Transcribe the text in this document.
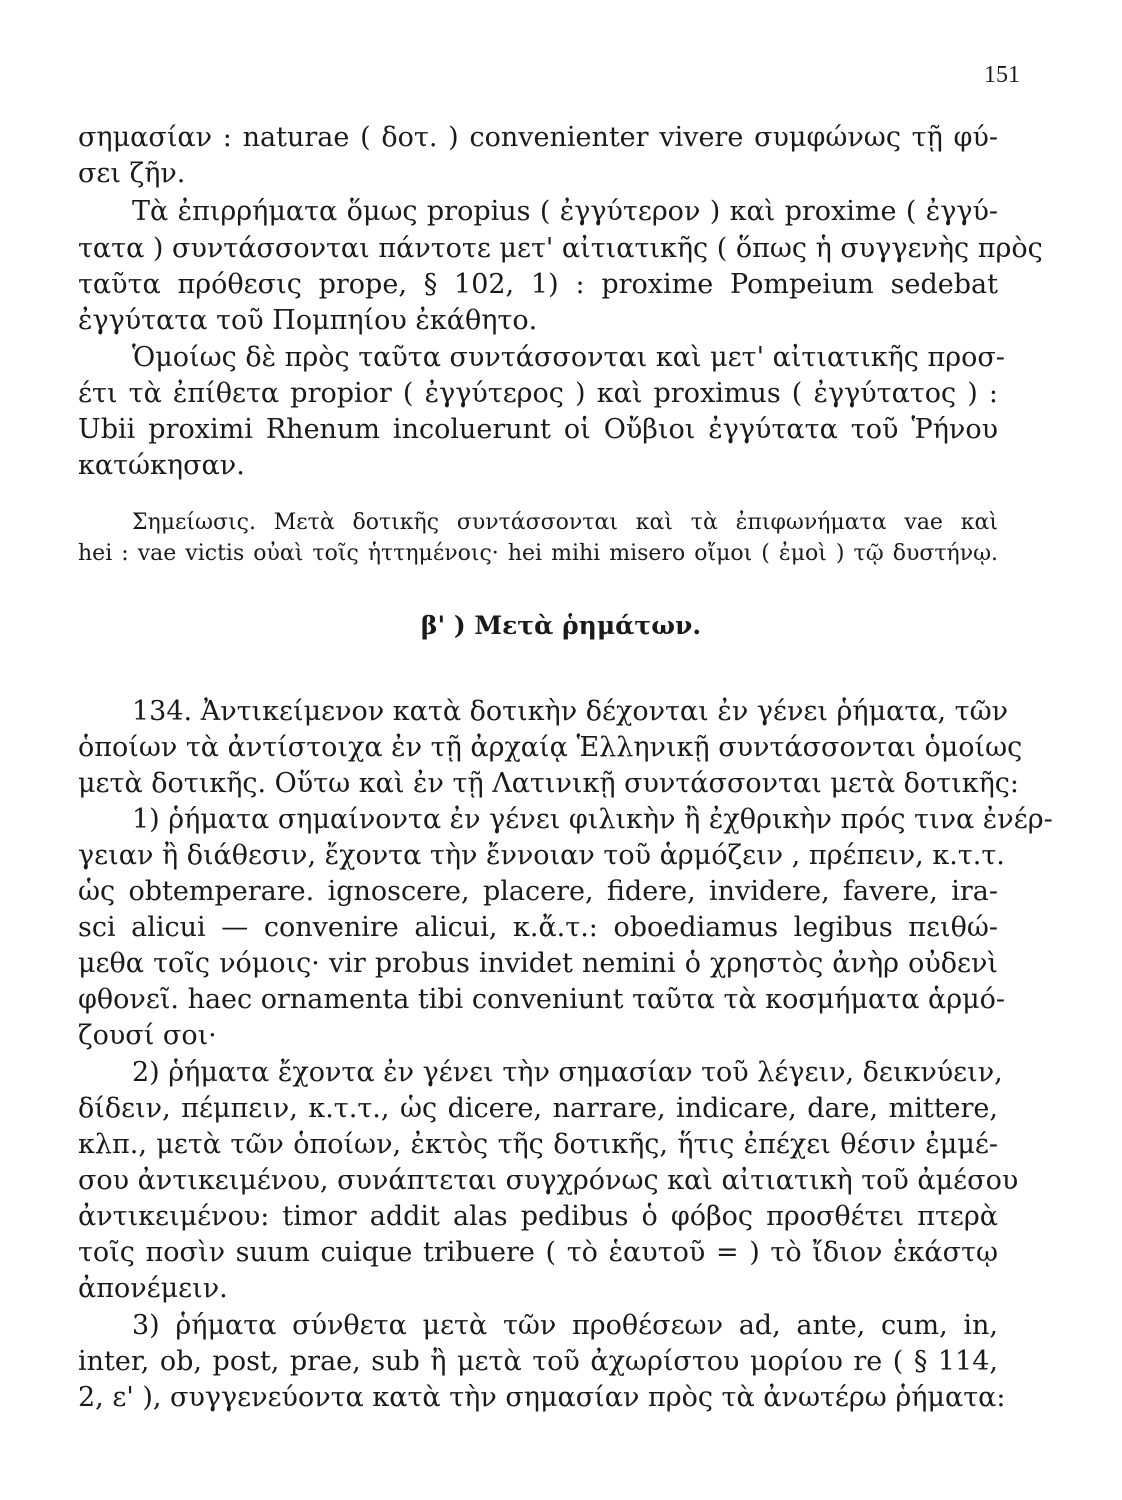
151
σημασίαν : naturae ( δοτ. ) convenienter vivere συμφώνως τῇ φύ-
σει ζῆν.
Τὰ ἐπιρρήματα ὅμως propius ( ἐγγύτερον ) καὶ proxime ( ἐγγύ-
τατα ) συντάσσονται πάντοτε μετ' αἰτιατικῆς ( ὅπως ἡ συγγενὴς πρὸς
ταῦτα πρόθεσις prope, § 102, 1) : proxime Pompeium sedebat
ἐγγύτατα τοῦ Πομπηίου ἐκάθητο.
Ὁμοίως δὲ πρὸς ταῦτα συντάσσονται καὶ μετ' αἰτιατικῆς προσ-
έτι τὰ ἐπίθετα propior ( ἐγγύτερος ) καὶ proximus ( ἐγγύτατος ) :
Ubii proximi Rhenum incoluerunt οἱ Οὔβιοι ἐγγύτατα τοῦ Ῥήνου
κατώκησαν.
Σημείωσις. Μετὰ δοτικῆς συντάσσονται καὶ τὰ ἐπιφωνήματα vae καὶ
hei : vae victis οὐαὶ τοῖς ἡττημένοις· hei mihi misero οἴμοι ( ἐμοὶ ) τῷ δυστήνῳ.
134. Ἀντικείμενον κατὰ δοτικὴν δέχονται ἐν γένει ῥήματα, τῶν
ὁποίων τὰ ἀντίστοιχα ἐν τῇ ἀρχαίᾳ Ἑλληνικῇ συντάσσονται ὁμοίως
μετὰ δοτικῆς. Οὕτω καὶ ἐν τῇ Λατινικῇ συντάσσονται μετὰ δοτικῆς:
1) ῥήματα σημαίνοντα ἐν γένει φιλικὴν ἢ ἐχθρικὴν πρός τινα ἐνέρ-
γειαν ἢ διάθεσιν, ἔχοντα τὴν ἔννοιαν τοῦ ἁρμόζειν , πρέπειν, κ.τ.τ.
ὡς obtemperare. ignoscere, placere, fidere, invidere, favere, ira-
sci alicui — convenire alicui, κ.ἄ.τ.: oboediamus legibus πειθώ-
μεθα τοῖς νόμοις· vir probus invidet nemini ὁ χρηστὸς ἀνὴρ οὐδενὶ
φθονεῖ. haec ornamenta tibi conveniunt ταῦτα τὰ κοσμήματα ἁρμό-
ζουσί σοι·
2) ῥήματα ἔχοντα ἐν γένει τὴν σημασίαν τοῦ λέγειν, δεικνύειν,
δίδειν, πέμπειν, κ.τ.τ., ὡς dicere, narrare, indicare, dare, mittere,
κλπ., μετὰ τῶν ὁποίων, ἐκτὸς τῆς δοτικῆς, ἥτις ἐπέχει θέσιν ἐμμέ-
σου ἀντικειμένου, συνάπτεται συγχρόνως καὶ αἰτιατικὴ τοῦ ἀμέσου
ἀντικειμένου: timor addit alas pedibus ὁ φόβος προσθέτει πτερὰ
τοῖς ποσὶν suum cuique tribuere ( τὸ ἑαυτοῦ = ) τὸ ἴδιον ἑκάστῳ
ἀπονέμειν.
3) ῥήματα σύνθετα μετὰ τῶν προθέσεων ad, ante, cum, in,
inter, ob, post, prae, sub ἢ μετὰ τοῦ ἀχωρίστου μορίου re ( § 114,
2, ε' ), συγγενεύοντα κατὰ τὴν σημασίαν πρὸς τὰ ἀνωτέρω ῥήματα:
β' ) Μετὰ ῥημάτων.
